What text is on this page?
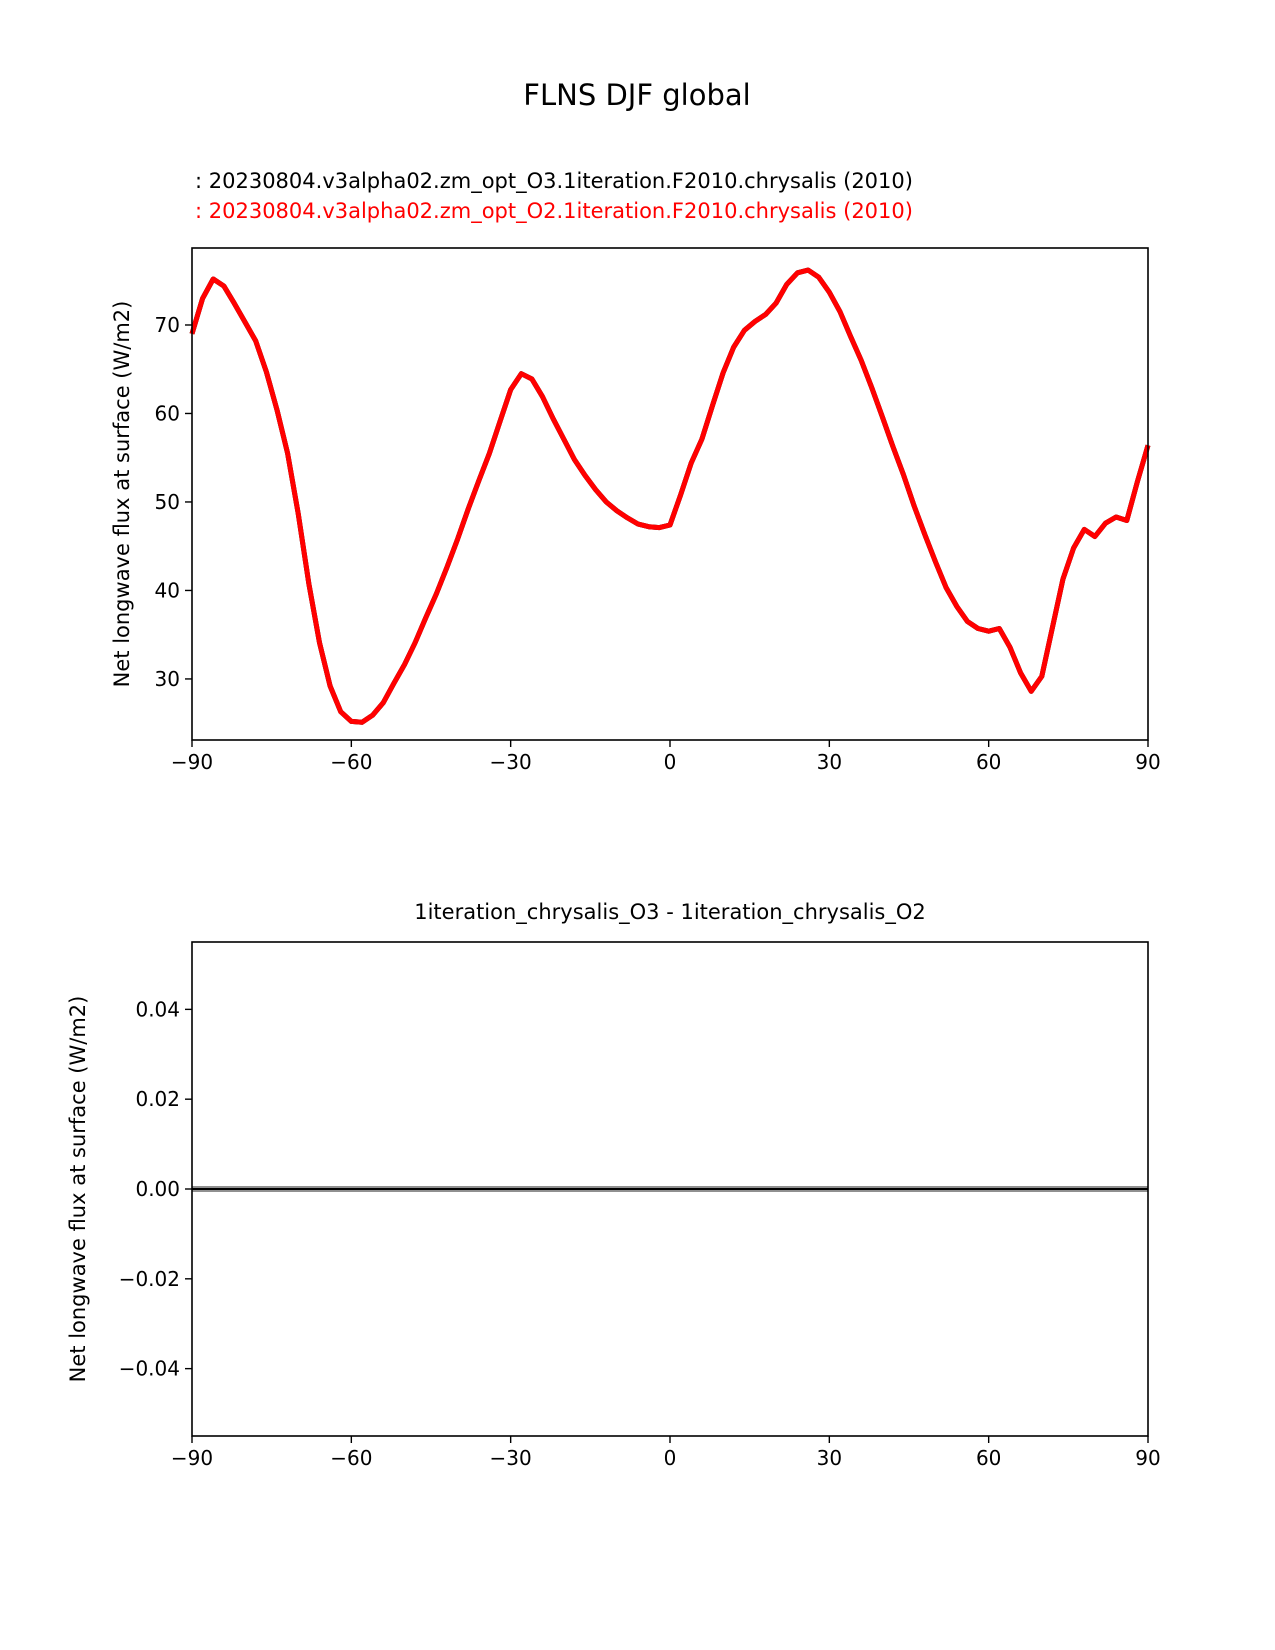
FLNS DJF global
: 20230804.v3alpha02.zm_opt_O3.1iteration.F2010.chrysalis (2010)
: 20230804.v3alpha02.zm_opt_O2.1iteration.F2010.chrysalis (2010)
Net longwave flux at surface (W/m2)
Net longwave flux at surface (W/m2)
1iteration_chrysalis_O3 - 1iteration_chrysalis_O2
−90	−60	−30	0	30	60	90
30
40
50
60
70
−90	−60	−30	0	30	60	90
−0.04
−0.02
0.00
0.02
0.04
